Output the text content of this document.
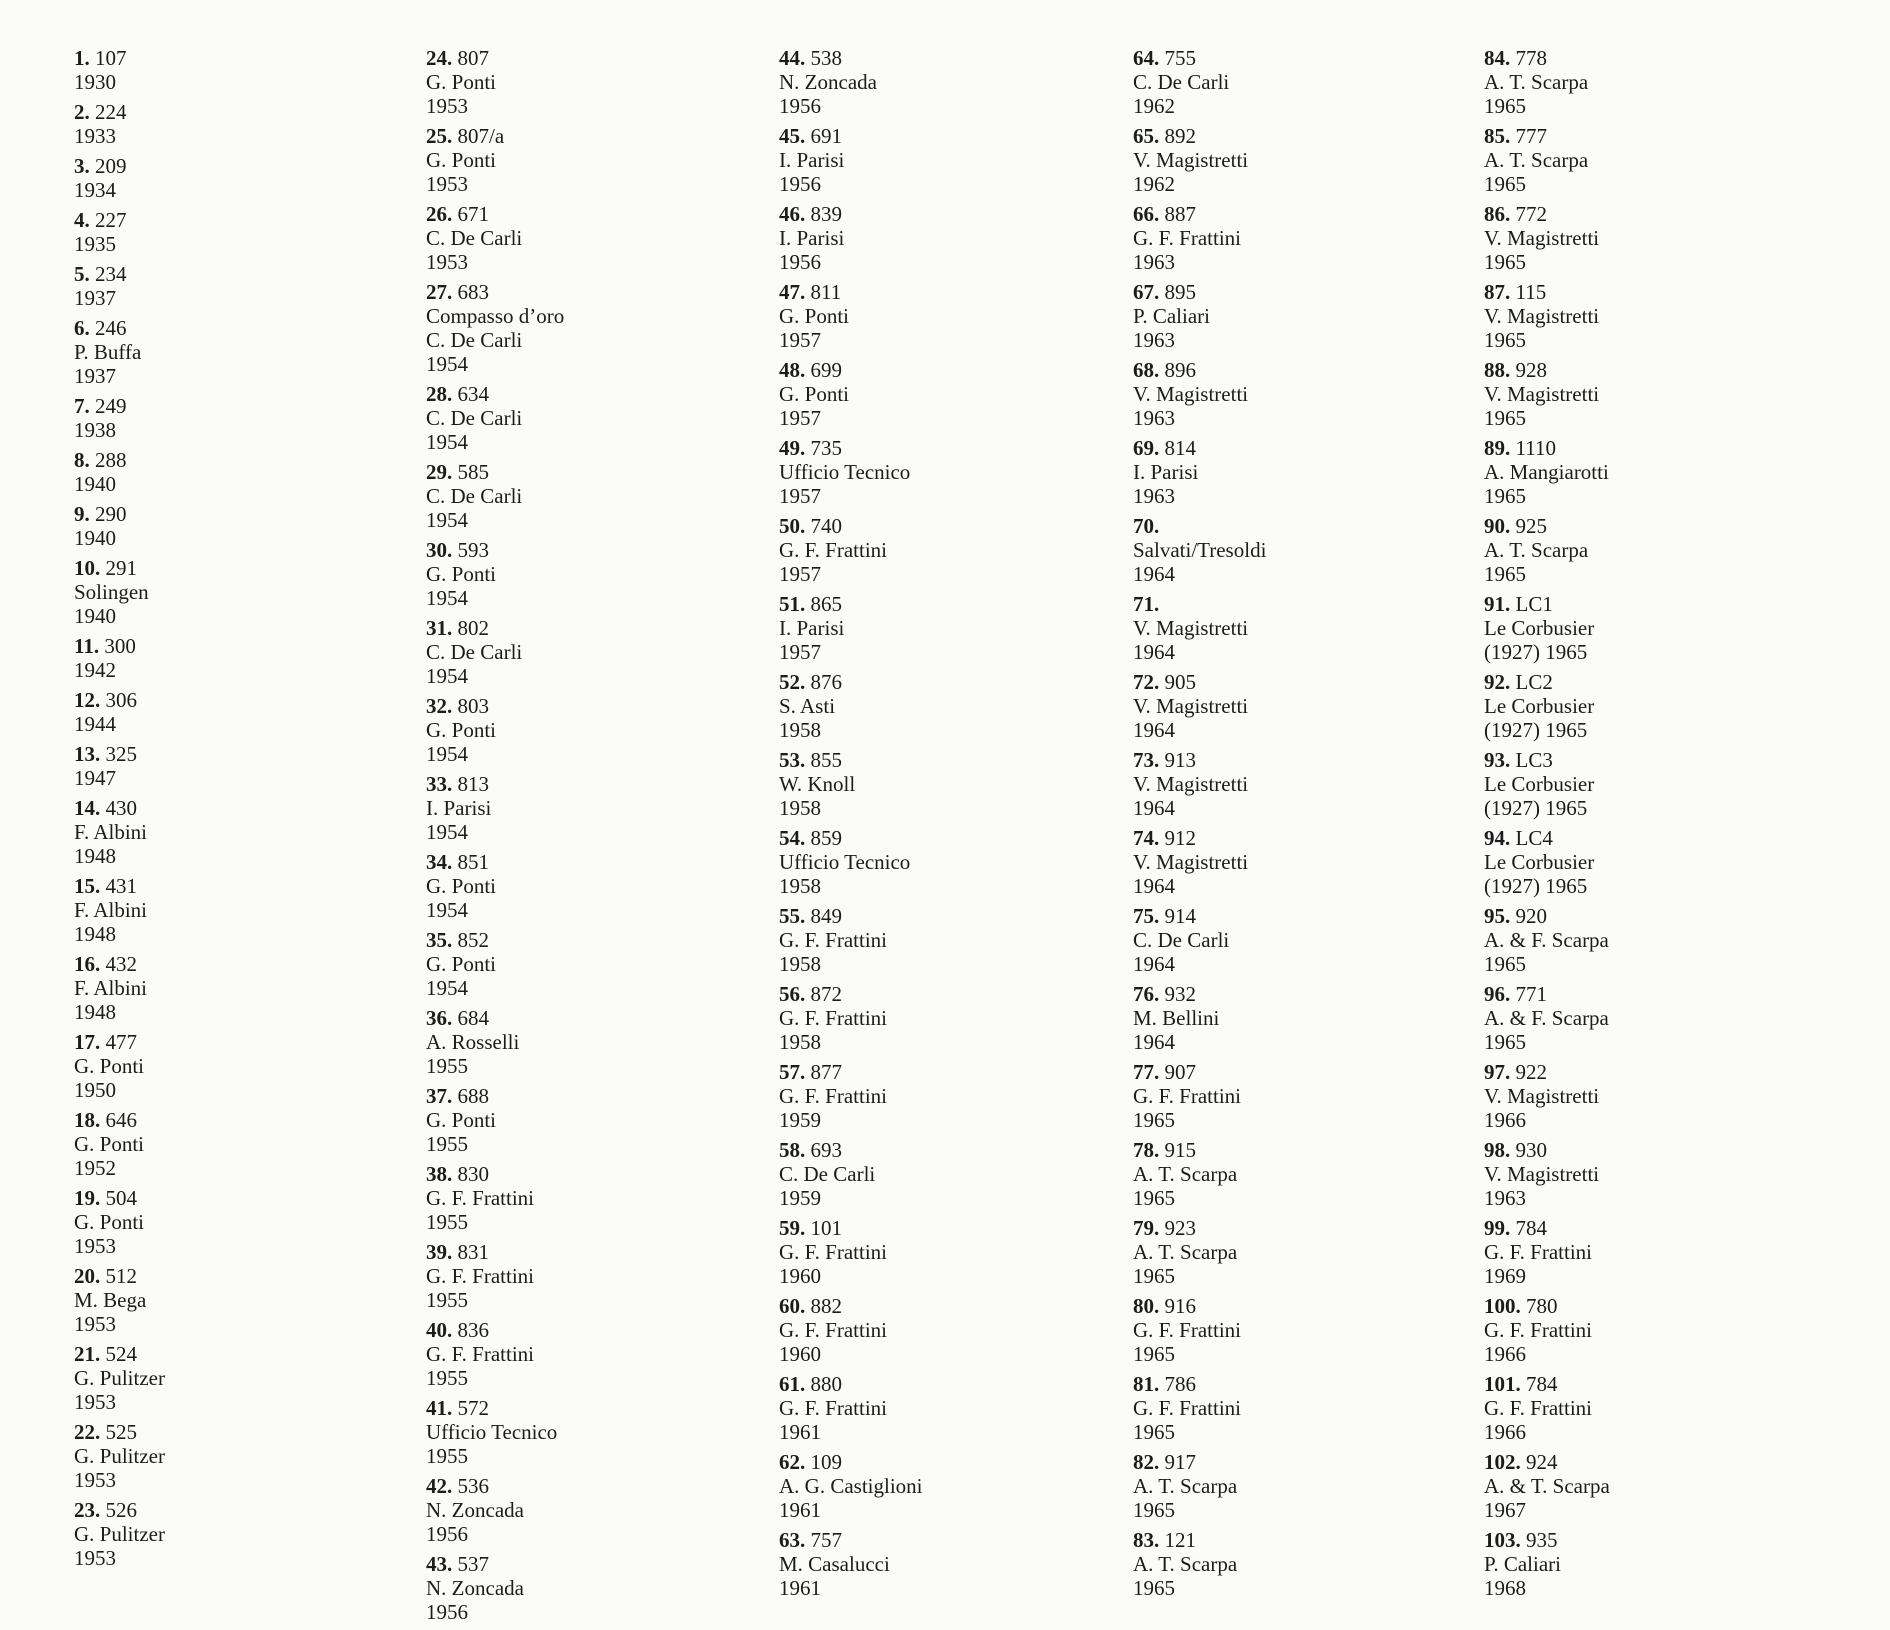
1. 107
1930
2. 224
1933
3. 209
1934
4. 227
1935
5. 234
1937
6. 246
P. Buffa
1937
7. 249
1938
8. 288
1940
9. 290
1940
10. 291
Solingen
1940
11. 300
1942
12. 306
1944
13. 325
1947
14. 430
F. Albini
1948
15. 431
F. Albini
1948
16. 432
F. Albini
1948
17. 477
G. Ponti
1950
18. 646
G. Ponti
1952
19. 504
G. Ponti
1953
20. 512
M. Bega
1953
21. 524
G. Pulitzer
1953
22. 525
G. Pulitzer
1953
23. 526
G. Pulitzer
1953
24. 807
G. Ponti
1953
25. 807/a
G. Ponti
1953
26. 671
C. De Carli
1953
27. 683
Compasso d’oro
C. De Carli
1954
28. 634
C. De Carli
1954
29. 585
C. De Carli
1954
30. 593
G. Ponti
1954
31. 802
C. De Carli
1954
32. 803
G. Ponti
1954
33. 813
I. Parisi
1954
34. 851
G. Ponti
1954
35. 852
G. Ponti
1954
36. 684
A. Rosselli
1955
37. 688
G. Ponti
1955
38. 830
G. F. Frattini
1955
39. 831
G. F. Frattini
1955
40. 836
G. F. Frattini
1955
41. 572
Ufficio Tecnico
1955
42. 536
N. Zoncada
1956
43. 537
N. Zoncada
1956
44. 538
N. Zoncada
1956
45. 691
I. Parisi
1956
46. 839
I. Parisi
1956
47. 811
G. Ponti
1957
48. 699
G. Ponti
1957
49. 735
Ufficio Tecnico
1957
50. 740
G. F. Frattini
1957
51. 865
I. Parisi
1957
52. 876
S. Asti
1958
53. 855
W. Knoll
1958
54. 859
Ufficio Tecnico
1958
55. 849
G. F. Frattini
1958
56. 872
G. F. Frattini
1958
57. 877
G. F. Frattini
1959
58. 693
C. De Carli
1959
59. 101
G. F. Frattini
1960
60. 882
G. F. Frattini
1960
61. 880
G. F. Frattini
1961
62. 109
A. G. Castiglioni
1961
63. 757
M. Casalucci
1961
64. 755
C. De Carli
1962
65. 892
V. Magistretti
1962
66. 887
G. F. Frattini
1963
67. 895
P. Caliari
1963
68. 896
V. Magistretti
1963
69. 814
I. Parisi
1963
70.
Salvati/Tresoldi
1964
71.
V. Magistretti
1964
72. 905
V. Magistretti
1964
73. 913
V. Magistretti
1964
74. 912
V. Magistretti
1964
75. 914
C. De Carli
1964
76. 932
M. Bellini
1964
77. 907
G. F. Frattini
1965
78. 915
A. T. Scarpa
1965
79. 923
A. T. Scarpa
1965
80. 916
G. F. Frattini
1965
81. 786
G. F. Frattini
1965
82. 917
A. T. Scarpa
1965
83. 121
A. T. Scarpa
1965
84. 778
A. T. Scarpa
1965
85. 777
A. T. Scarpa
1965
86. 772
V. Magistretti
1965
87. 115
V. Magistretti
1965
88. 928
V. Magistretti
1965
89. 1110
A. Mangiarotti
1965
90. 925
A. T. Scarpa
1965
91. LC1
Le Corbusier
(1927) 1965
92. LC2
Le Corbusier
(1927) 1965
93. LC3
Le Corbusier
(1927) 1965
94. LC4
Le Corbusier
(1927) 1965
95. 920
A. & F. Scarpa
1965
96. 771
A. & F. Scarpa
1965
97. 922
V. Magistretti
1966
98. 930
V. Magistretti
1963
99. 784
G. F. Frattini
1969
100. 780
G. F. Frattini
1966
101. 784
G. F. Frattini
1966
102. 924
A. & T. Scarpa
1967
103. 935
P. Caliari
1968
